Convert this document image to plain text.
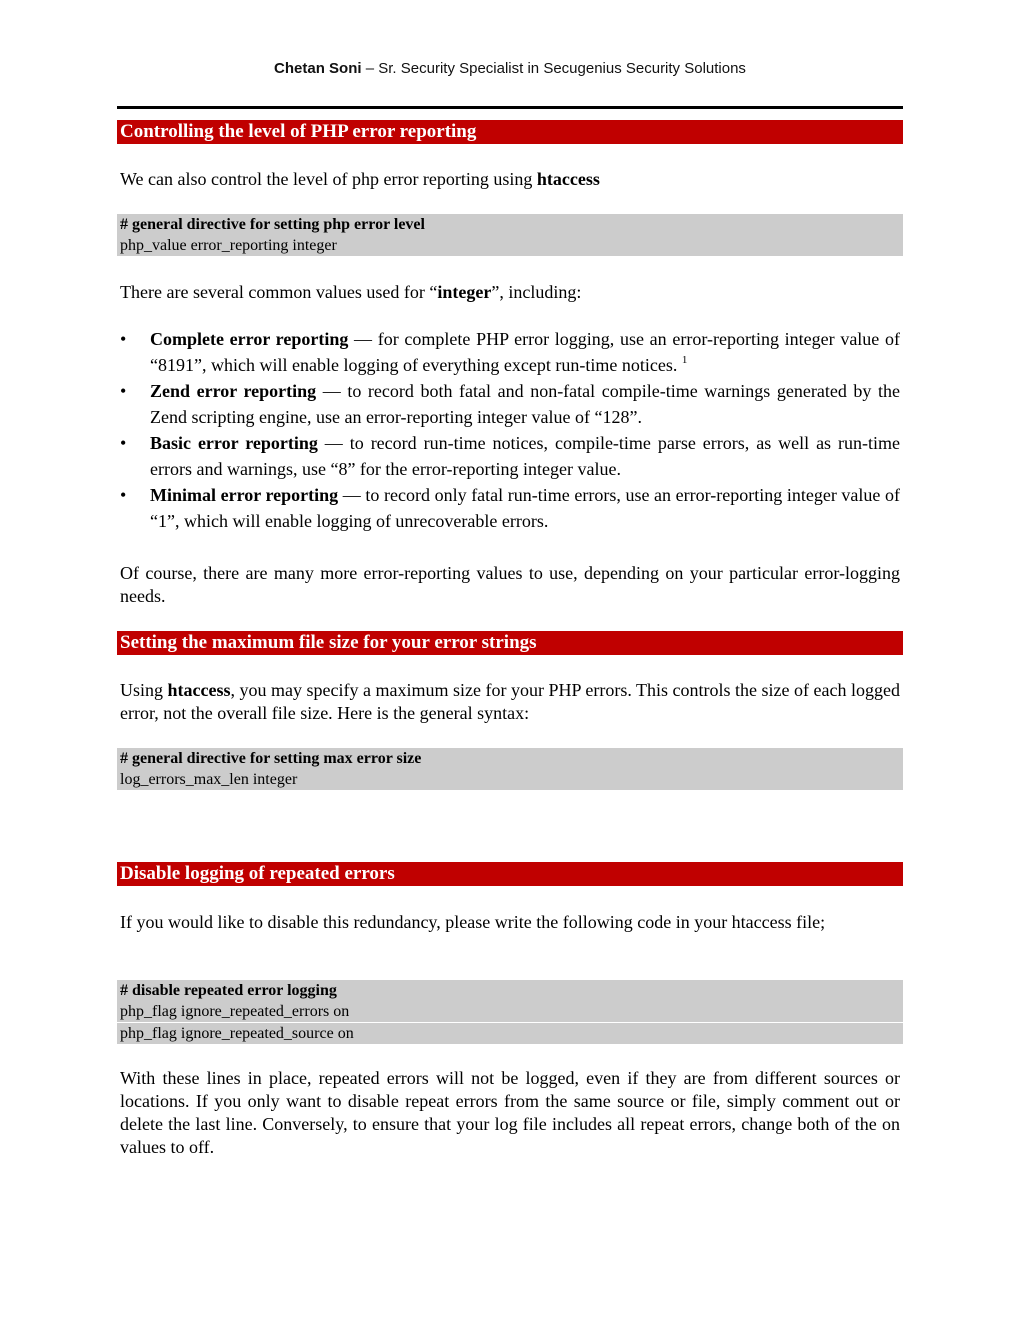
Chetan Soni – Sr. Security Specialist in Secugenius Security Solutions
Controlling the level of PHP error reporting
We can also control the level of php error reporting using htaccess
# general directive for setting php error level
php_value error_reporting integer
There are several common values used for “integer”, including:
• Complete error reporting — for complete PHP error logging, use an error-reporting integer value of “8191”, which will enable logging of everything except run-time notices. $^1$
• Zend error reporting — to record both fatal and non-fatal compile-time warnings generated by the Zend scripting engine, use an error-reporting integer value of “128”.
• Basic error reporting — to record run-time notices, compile-time parse errors, as well as run-time errors and warnings, use “8” for the error-reporting integer value.
• Minimal error reporting — to record only fatal run-time errors, use an error-reporting integer value of “1”, which will enable logging of unrecoverable errors.
Of course, there are many more error-reporting values to use, depending on your particular error-logging needs.
Setting the maximum file size for your error strings
Using htaccess, you may specify a maximum size for your PHP errors. This controls the size of each logged error, not the overall file size. Here is the general syntax:
# general directive for setting max error size
log_errors_max_len integer
Disable logging of repeated errors
If you would like to disable this redundancy, please write the following code in your htaccess file;
# disable repeated error logging
php_flag ignore_repeated_errors on
php_flag ignore_repeated_source on
With these lines in place, repeated errors will not be logged, even if they are from different sources or locations. If you only want to disable repeat errors from the same source or file, simply comment out or delete the last line. Conversely, to ensure that your log file includes all repeat errors, change both of the on values to off.
